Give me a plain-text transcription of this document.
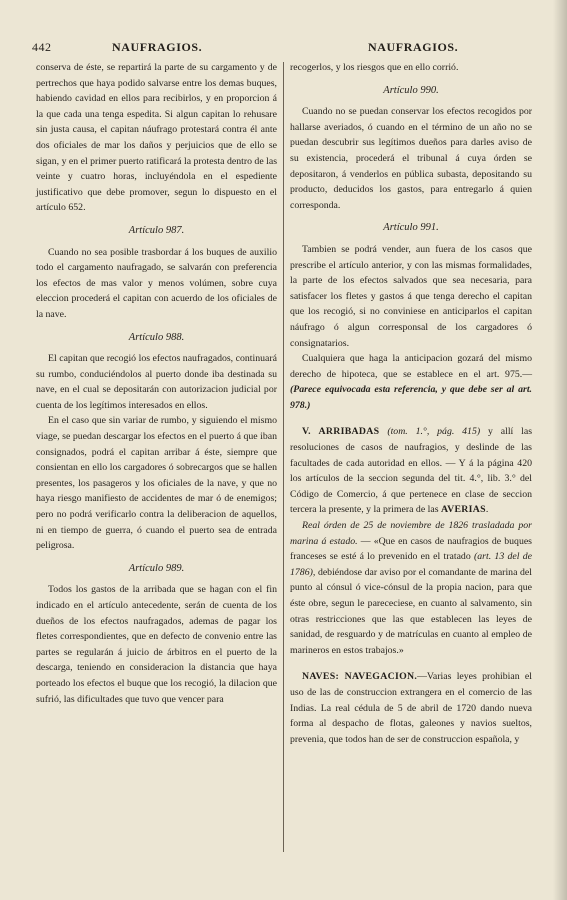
442	NAUFRAGIOS.	NAUFRAGIOS.

conserva de éste, se repartirá la parte de su cargamento y de pertrechos que haya podido salvarse entre los demas buques, habiendo cavidad en ellos para recibirlos, y en proporcion á la que cada una tenga espedita. Si algun capitan lo rehusare sin justa causa, el capitan náufrago protestará contra él ante dos oficiales de mar los daños y perjuicios que de ello se sigan, y en el primer puerto ratificará la protesta dentro de las veinte y cuatro horas, incluyéndola en el espediente justificativo que debe promover, segun lo dispuesto en el artículo 652.

Artículo 987.

Cuando no sea posible trasbordar á los buques de auxilio todo el cargamento naufragado, se salvarán con preferencia los efectos de mas valor y menos volúmen, sobre cuya eleccion procederá el capitan con acuerdo de los oficiales de la nave.

Artículo 988.

El capitan que recogió los efectos naufragados, continuará su rumbo, conduciéndolos al puerto donde iba destinada su nave, en el cual se depositarán con autorizacion judicial por cuenta de los legítimos interesados en ellos.

En el caso que sin variar de rumbo, y siguiendo el mismo viage, se puedan descargar los efectos en el puerto á que iban consignados, podrá el capitan arribar á éste, siempre que consientan en ello los cargadores ó sobrecargos que se hallen presentes, los pasageros y los oficiales de la nave, y que no haya riesgo manifiesto de accidentes de mar ó de enemigos; pero no podrá verificarlo contra la deliberacion de aquellos, ni en tiempo de guerra, ó cuando el puerto sea de entrada peligrosa.

Artículo 989.

Todos los gastos de la arribada que se hagan con el fin indicado en el artículo antecedente, serán de cuenta de los dueños de los efectos naufragados, ademas de pagar los fletes correspondientes, que en defecto de convenio entre las partes se regularán á juicio de árbitros en el puerto de la descarga, teniendo en consideracion la distancia que haya porteado los efectos el buque que los recogió, la dilacion que sufrió, las dificultades que tuvo que vencer para

recogerlos, y los riesgos que en ello corrió.

Artículo 990.

Cuando no se puedan conservar los efectos recogidos por hallarse averiados, ó cuando en el término de un año no se puedan descubrir sus legítimos dueños para darles aviso de su existencia, procederá el tribunal á cuya órden se depositaron, á venderlos en pública subasta, depositando su producto, deducidos los gastos, para entregarlo á quien corresponda.

Artículo 991.

Tambien se podrá vender, aun fuera de los casos que prescribe el artículo anterior, y con las mismas formalidades, la parte de los efectos salvados que sea necesaria, para satisfacer los fletes y gastos á que tenga derecho el capitan que los recogió, si no conviniese en anticiparlos el capitan náufrago ó algun corresponsal de los cargadores ó consignatarios.

Cualquiera que haga la anticipacion gozará del mismo derecho de hipoteca, que se establece en el art. 975.— (Parece equivocada esta referencia, y que debe ser al art. 978.)

V. ARRIBADAS (tom. 1.°, pág. 415) y allí las resoluciones de casos de naufragios, y deslinde de las facultades de cada autoridad en ellos. — Y á la página 420 los artículos de la seccion segunda del tit. 4.°, lib. 3.° del Código de Comercio, á que pertenece en clase de seccion tercera la presente, y la primera de las AVERIAS.

Real órden de 25 de noviembre de 1826 trasladada por marina á estado. — «Que en casos de naufragios de buques franceses se esté á lo prevenido en el tratado (art. 13 del de 1786), debiéndose dar aviso por el comandante de marina del punto al cónsul ó vice-cónsul de la propia nacion, para que éste obre, segun le parececiese, en cuanto al salvamento, sin otras restricciones que las que establecen las leyes de sanidad, de resguardo y de matrículas en cuanto al empleo de marineros en estos trabajos.»

NAVES: NAVEGACION.—Varias leyes prohibian el uso de las de construccion extrangera en el comercio de las Indias. La real cédula de 5 de abril de 1720 dando nueva forma al despacho de flotas, galeones y navios sueltos, prevenia, que todos han de ser de construccion española, y
